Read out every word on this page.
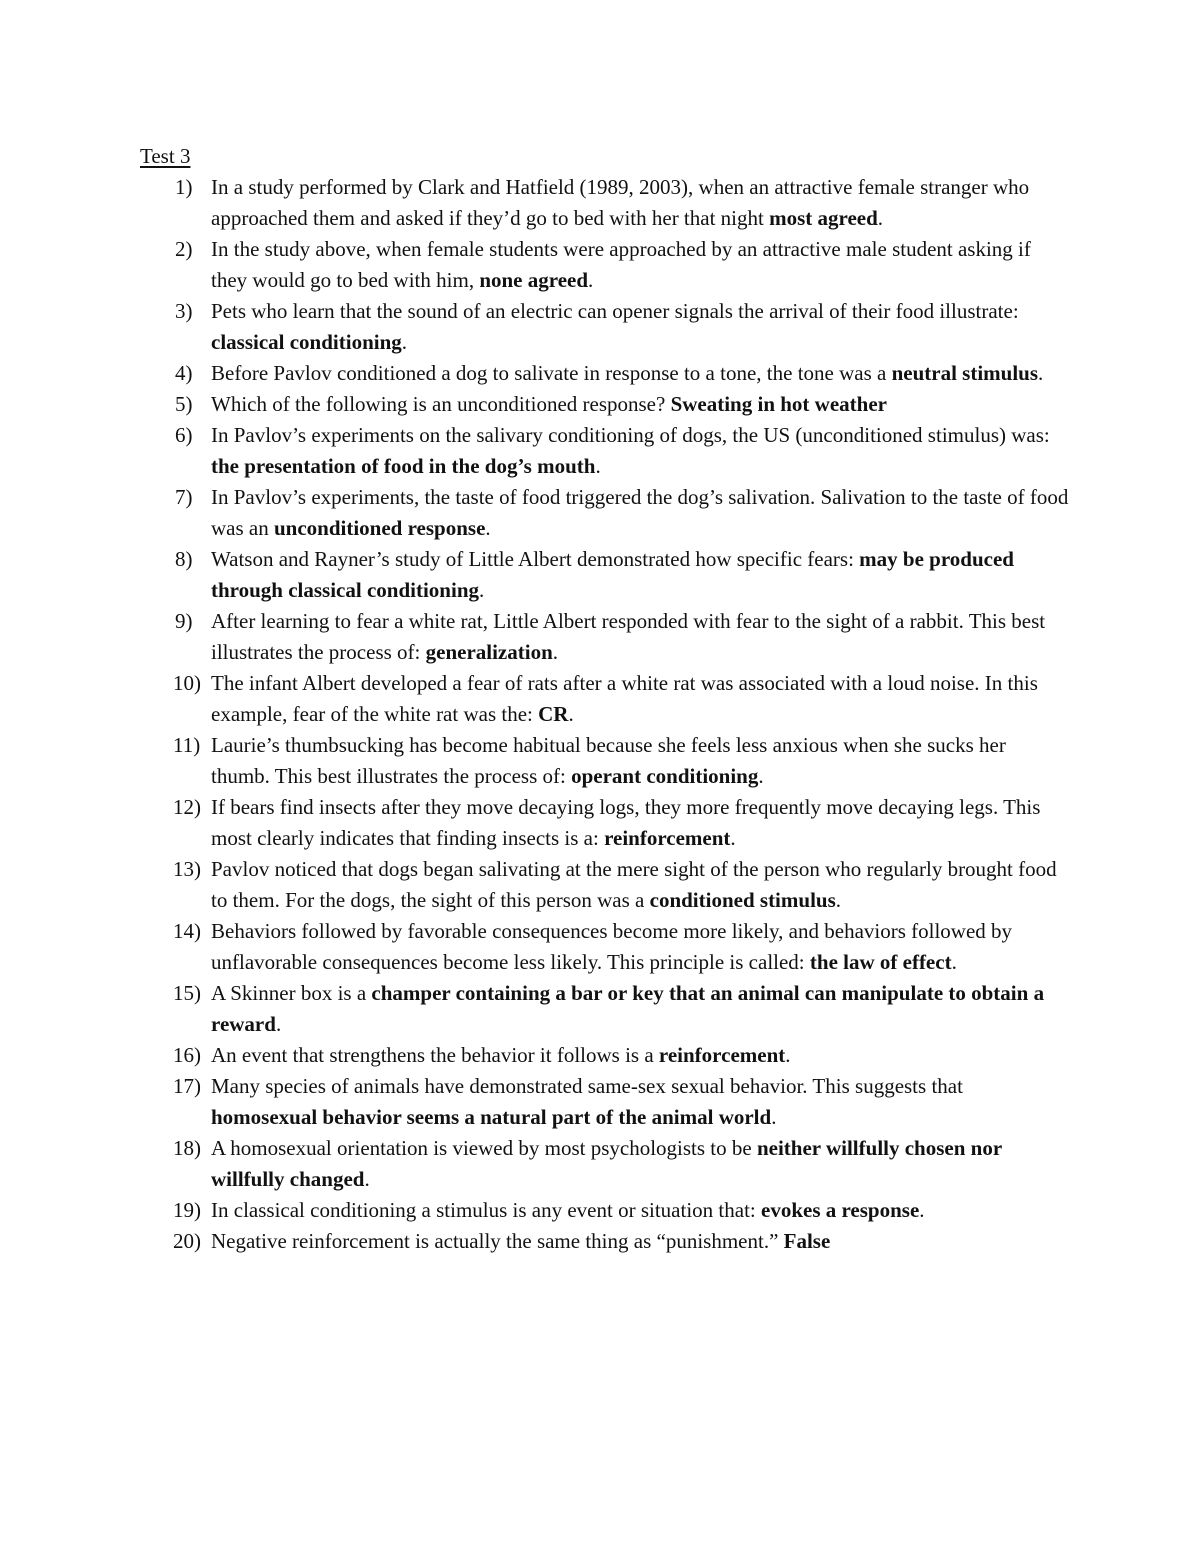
Test 3
1) In a study performed by Clark and Hatfield (1989, 2003), when an attractive female stranger who approached them and asked if they’d go to bed with her that night most agreed.
2) In the study above, when female students were approached by an attractive male student asking if they would go to bed with him, none agreed.
3) Pets who learn that the sound of an electric can opener signals the arrival of their food illustrate: classical conditioning.
4) Before Pavlov conditioned a dog to salivate in response to a tone, the tone was a neutral stimulus.
5) Which of the following is an unconditioned response? Sweating in hot weather
6) In Pavlov’s experiments on the salivary conditioning of dogs, the US (unconditioned stimulus) was: the presentation of food in the dog’s mouth.
7) In Pavlov’s experiments, the taste of food triggered the dog’s salivation. Salivation to the taste of food was an unconditioned response.
8) Watson and Rayner’s study of Little Albert demonstrated how specific fears: may be produced through classical conditioning.
9) After learning to fear a white rat, Little Albert responded with fear to the sight of a rabbit. This best illustrates the process of: generalization.
10) The infant Albert developed a fear of rats after a white rat was associated with a loud noise. In this example, fear of the white rat was the: CR.
11) Laurie’s thumbsucking has become habitual because she feels less anxious when she sucks her thumb. This best illustrates the process of: operant conditioning.
12) If bears find insects after they move decaying logs, they more frequently move decaying legs. This most clearly indicates that finding insects is a: reinforcement.
13) Pavlov noticed that dogs began salivating at the mere sight of the person who regularly brought food to them. For the dogs, the sight of this person was a conditioned stimulus.
14) Behaviors followed by favorable consequences become more likely, and behaviors followed by unflavorable consequences become less likely. This principle is called: the law of effect.
15) A Skinner box is a champer containing a bar or key that an animal can manipulate to obtain a reward.
16) An event that strengthens the behavior it follows is a reinforcement.
17) Many species of animals have demonstrated same-sex sexual behavior. This suggests that homosexual behavior seems a natural part of the animal world.
18) A homosexual orientation is viewed by most psychologists to be neither willfully chosen nor willfully changed.
19) In classical conditioning a stimulus is any event or situation that: evokes a response.
20) Negative reinforcement is actually the same thing as “punishment.” False
